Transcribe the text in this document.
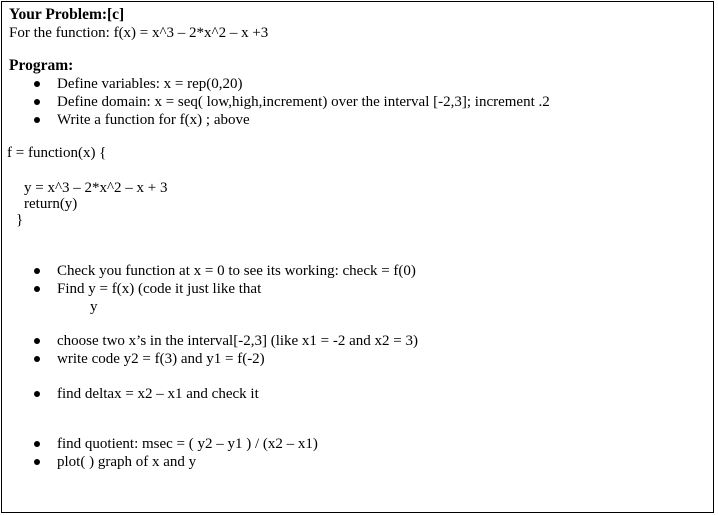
Your Problem:[c]
For the function: f(x) = x^3 – 2*x^2 – x +3
Program:
Define variables: x = rep(0,20)
Define domain: x = seq( low,high,increment) over the interval [-2,3]; increment .2
Write a function for f(x) ; above
f = function(x) {
y = x^3 – 2*x^2 – x + 3
return(y)
}
Check you function at x = 0 to see its working: check = f(0)
Find y = f(x) (code it just like that
y
choose two x’s in the interval[-2,3] (like x1 = -2 and x2 = 3)
write code y2 = f(3) and y1 = f(-2)
find deltax = x2 – x1 and check it
find quotient: msec = ( y2 – y1 ) / (x2 – x1)
plot( ) graph of x and y
